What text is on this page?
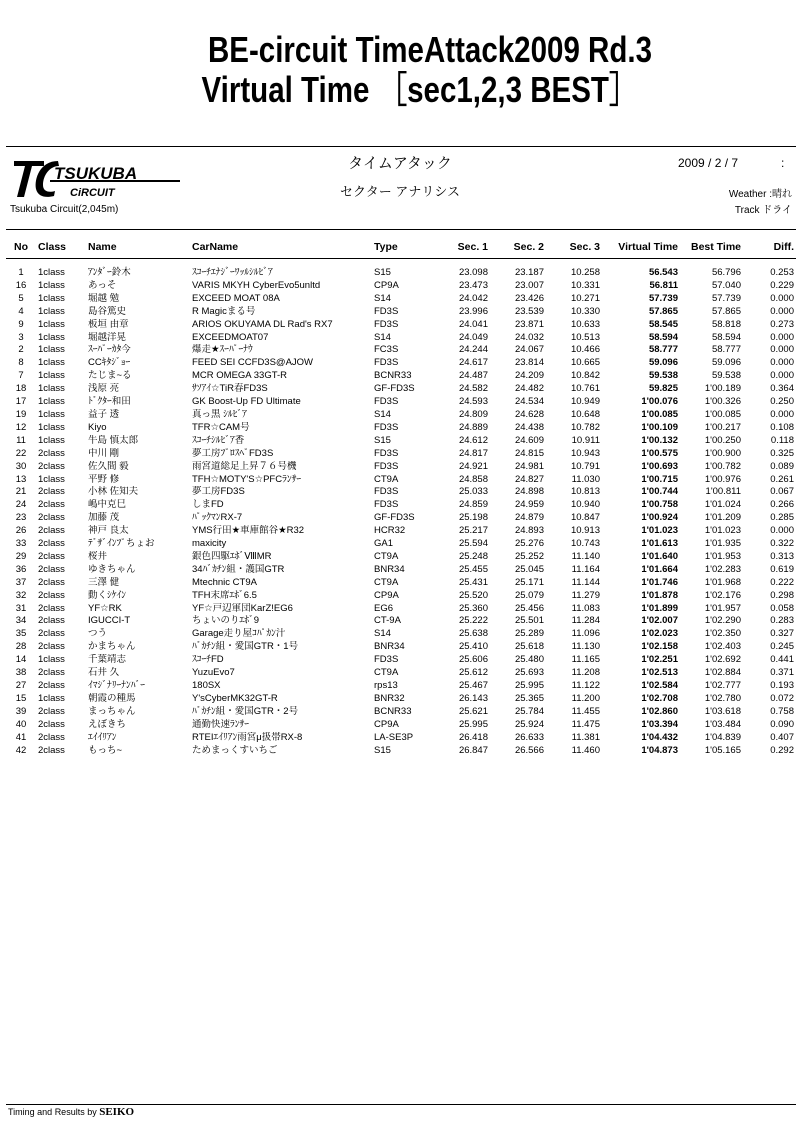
BE-circuit TimeAttack2009 Rd.3
Virtual Time ［sec1,2,3 BEST］
TSUKUBA
CiRCUIT
Tsukuba Circuit(2,045m)
タイムアタック
セクター アナリシス
2009 / 2 / 7	:
Weather :晴れ
Track ドライ
No	Class	Name	CarName	Type	Sec. 1	Sec. 2	Sec. 3	Virtual Time	Best Time	Diff.
1	1class	ｱﾝﾀﾞｰ鈴木	ｽｺｰﾁｴﾅｼﾞｰﾜｯﾙｼﾙﾋﾞｱ	S15	23.098	23.187	10.258	56.543	56.796	0.253
16	1class	あっそ	VARIS MKYH CyberEvo5unltd	CP9A	23.473	23.007	10.331	56.811	57.040	0.229
5	1class	堀越 勉	EXCEED MOAT 08A	S14	24.042	23.426	10.271	57.739	57.739	0.000
4	1class	島谷篤史	R Magicまる号	FD3S	23.996	23.539	10.330	57.865	57.865	0.000
9	1class	板垣 由章	ARIOS OKUYAMA DL Rad's RX7	FD3S	24.041	23.871	10.633	58.545	58.818	0.273
3	1class	堀越洋晃	EXCEEDMOAT07	S14	24.049	24.032	10.513	58.594	58.594	0.000
2	1class	ｽｰﾊﾟｰｶﾀ今	爆走★ｽｰﾊﾟｰﾅｳ	FC3S	24.244	24.067	10.466	58.777	58.777	0.000
8	1class	CCｷﾀｼﾞｮｰ	FEED SEI CCFD3S@AJOW	FD3S	24.617	23.814	10.665	59.096	59.096	0.000
7	1class	たじま~る	MCR OMEGA 33GT-R	BCNR33	24.487	24.209	10.842	59.538	59.538	0.000
18	1class	浅原 亮	ｻｿｱｲ☆TiR春FD3S	GF-FD3S	24.582	24.482	10.761	59.825	1'00.189	0.364
17	1class	ﾄﾞｸﾀｰ和田	GK Boost-Up FD Ultimate	FD3S	24.593	24.534	10.949	1'00.076	1'00.326	0.250
19	1class	益子 透	真っ黒 ｼﾙﾋﾞｱ	S14	24.809	24.628	10.648	1'00.085	1'00.085	0.000
12	1class	Kiyo	TFR☆CAM号	FD3S	24.889	24.438	10.782	1'00.109	1'00.217	0.108
11	1class	牛島 慎太郎	ｽｺｰﾁｼﾙﾋﾞｱ香	S15	24.612	24.609	10.911	1'00.132	1'00.250	0.118
22	2class	中川 剛	夢工房ﾌﾟﾛｽﾍﾟFD3S	FD3S	24.817	24.815	10.943	1'00.575	1'00.900	0.325
30	2class	佐久間 毅	雨宮道総足上昇７６号機	FD3S	24.921	24.981	10.791	1'00.693	1'00.782	0.089
13	1class	平野 修	TFH☆MOTY'S☆PFCﾗﾝｻｰ	CT9A	24.858	24.827	11.030	1'00.715	1'00.976	0.261
21	2class	小林 佐知夫	夢工房FD3S	FD3S	25.033	24.898	10.813	1'00.744	1'00.811	0.067
24	2class	嶋中克巳	しまFD	FD3S	24.859	24.959	10.940	1'00.758	1'01.024	0.266
23	2class	加藤 茂	ﾊﾟｯｸﾏﾝRX-7	GF-FD3S	25.198	24.879	10.847	1'00.924	1'01.209	0.285
26	2class	神戸 良太	YMS行田★車庫館谷★R32	HCR32	25.217	24.893	10.913	1'01.023	1'01.023	0.000
33	2class	ﾃﾞｻﾞｲﾝﾌﾟちょお	maxicity	GA1	25.594	25.276	10.743	1'01.613	1'01.935	0.322
29	2class	桜井	銀色四駆ｴﾎﾞⅧMR	CT9A	25.248	25.252	11.140	1'01.640	1'01.953	0.313
36	2class	ゆきちゃん	34ﾊﾞｶﾁﾝ組・護国GTR	BNR34	25.455	25.045	11.164	1'01.664	1'02.283	0.619
37	2class	三澤 健	Mtechnic CT9A	CT9A	25.431	25.171	11.144	1'01.746	1'01.968	0.222
32	2class	動くｼｹｲﾝ	TFH末席ｴﾎﾞ6.5	CP9A	25.520	25.079	11.279	1'01.878	1'02.176	0.298
31	2class	YF☆RK	YF☆戸辺軍団KarZ!EG6	EG6	25.360	25.456	11.083	1'01.899	1'01.957	0.058
34	2class	IGUCCI-T	ちょいのりｴﾎﾞ9	CT-9A	25.222	25.501	11.284	1'02.007	1'02.290	0.283
35	2class	つう	Garage走り屋ｺﾊﾟｶﾝ汁	S14	25.638	25.289	11.096	1'02.023	1'02.350	0.327
28	2class	かまちゃん	ﾊﾞｶﾁﾝ組・愛国GTR・1号	BNR34	25.410	25.618	11.130	1'02.158	1'02.403	0.245
14	1class	千葉靖志	ｽｺｰﾁFD	FD3S	25.606	25.480	11.165	1'02.251	1'02.692	0.441
38	2class	石井 久	YuzuEvo7	CT9A	25.612	25.693	11.208	1'02.513	1'02.884	0.371
27	2class	ｲﾏｼﾞﾅﾘｰﾅﾝﾊﾞｰ	180SX	rps13	25.467	25.995	11.122	1'02.584	1'02.777	0.193
15	1class	朝霞の種馬	Y'sCyberMK32GT-R	BNR32	26.143	25.365	11.200	1'02.708	1'02.780	0.072
39	2class	まっちゃん	ﾊﾞｶﾁﾝ組・愛国GTR・2号	BCNR33	25.621	25.784	11.455	1'02.860	1'03.618	0.758
40	2class	えぼきち	通勤快速ﾗﾝｻｰ	CP9A	25.995	25.924	11.475	1'03.394	1'03.484	0.090
41	2class	ｴｲｲﾘｱﾝ	RTEIｴｲﾘｱﾝ雨宮μ扱帯RX-8	LA-SE3P	26.418	26.633	11.381	1'04.432	1'04.839	0.407
42	2class	もっち~	ためまっくすいちご	S15	26.847	26.566	11.460	1'04.873	1'05.165	0.292
Timing and Results by SEIKO
